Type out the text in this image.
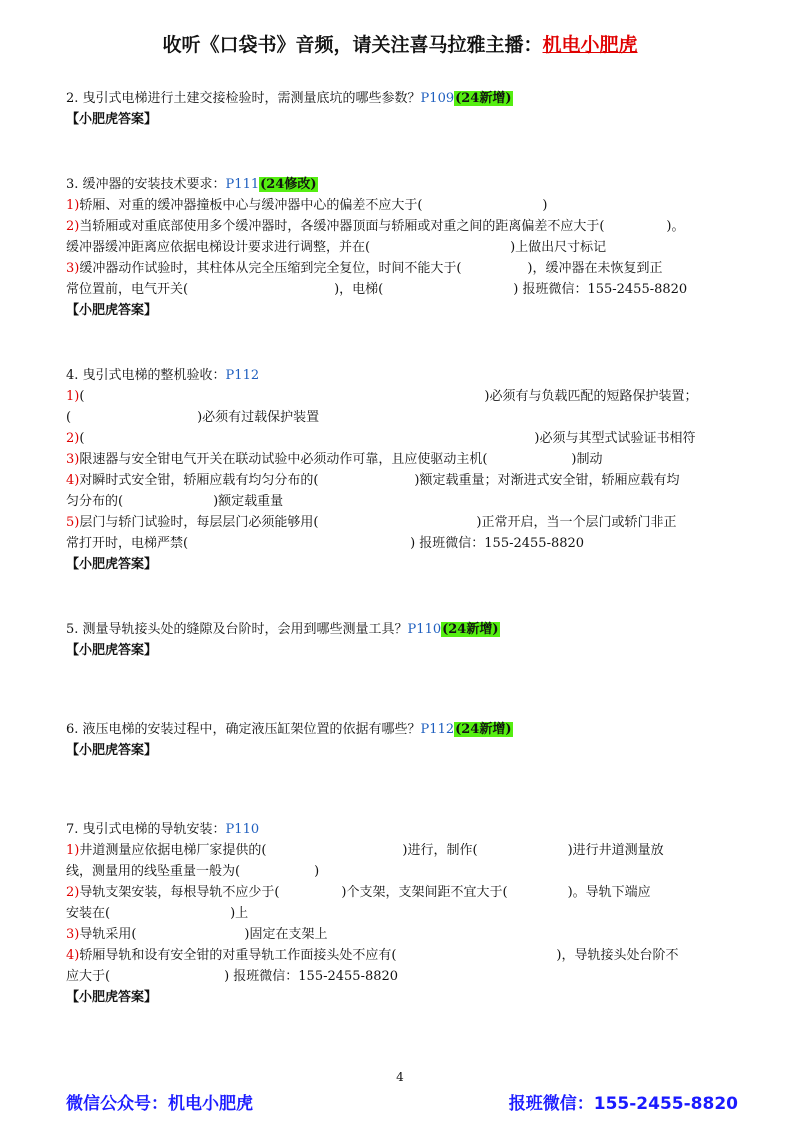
收听《口袋书》音频，请关注喜马拉雅主播：机电小肥虎
2. 曳引式电梯进行土建交接检验时，需测量底坑的哪些参数？P109(24新增)
【小肥虎答案】
3. 缓冲器的安装技术要求：P111(24修改)
1)轿厢、对重的缓冲器撞板中心与缓冲器中心的偏差不应大于(	)
2)当轿厢或对重底部使用多个缓冲器时，各缓冲器顶面与轿厢或对重之间的距离偏差不应大于(	)。
缓冲器缓冲距离应依据电梯设计要求进行调整，并在(	)上做出尺寸标记
3)缓冲器动作试验时，其柱体从完全压缩到完全复位，时间不能大于(	)，缓冲器在未恢复到正
常位置前，电气开关(	)，电梯(	) 报班微信：155-2455-8820
【小肥虎答案】
4. 曳引式电梯的整机验收：P112
1)(	)必须有与负载匹配的短路保护装置；
(	)必须有过载保护装置
2)(	)必须与其型式试验证书相符
3)限速器与安全钳电气开关在联动试验中必须动作可靠，且应使驱动主机(	)制动
4)对瞬时式安全钳，轿厢应载有均匀分布的(	)额定载重量；对渐进式安全钳，轿厢应载有均
匀分布的(	)额定载重量
5)层门与轿门试验时，每层层门必须能够用(	)正常开启，当一个层门或轿门非正
常打开时，电梯严禁(	) 报班微信：155-2455-8820
【小肥虎答案】
5. 测量导轨接头处的缝隙及台阶时，会用到哪些测量工具？P110(24新增)
【小肥虎答案】
6. 液压电梯的安装过程中，确定液压缸架位置的依据有哪些？P112(24新增)
【小肥虎答案】
7. 曳引式电梯的导轨安装：P110
1)井道测量应依据电梯厂家提供的(	)进行，制作(	)进行井道测量放
线，测量用的线坠重量一般为(	)
2)导轨支架安装，每根导轨不应少于(	)个支架，支架间距不宜大于(	)。导轨下端应
安装在(	)上
3)导轨采用(	)固定在支架上
4)轿厢导轨和设有安全钳的对重导轨工作面接头处不应有(	)，导轨接头处台阶不
应大于(	) 报班微信：155-2455-8820
【小肥虎答案】
4
微信公众号：机电小肥虎	报班微信：155-2455-8820
